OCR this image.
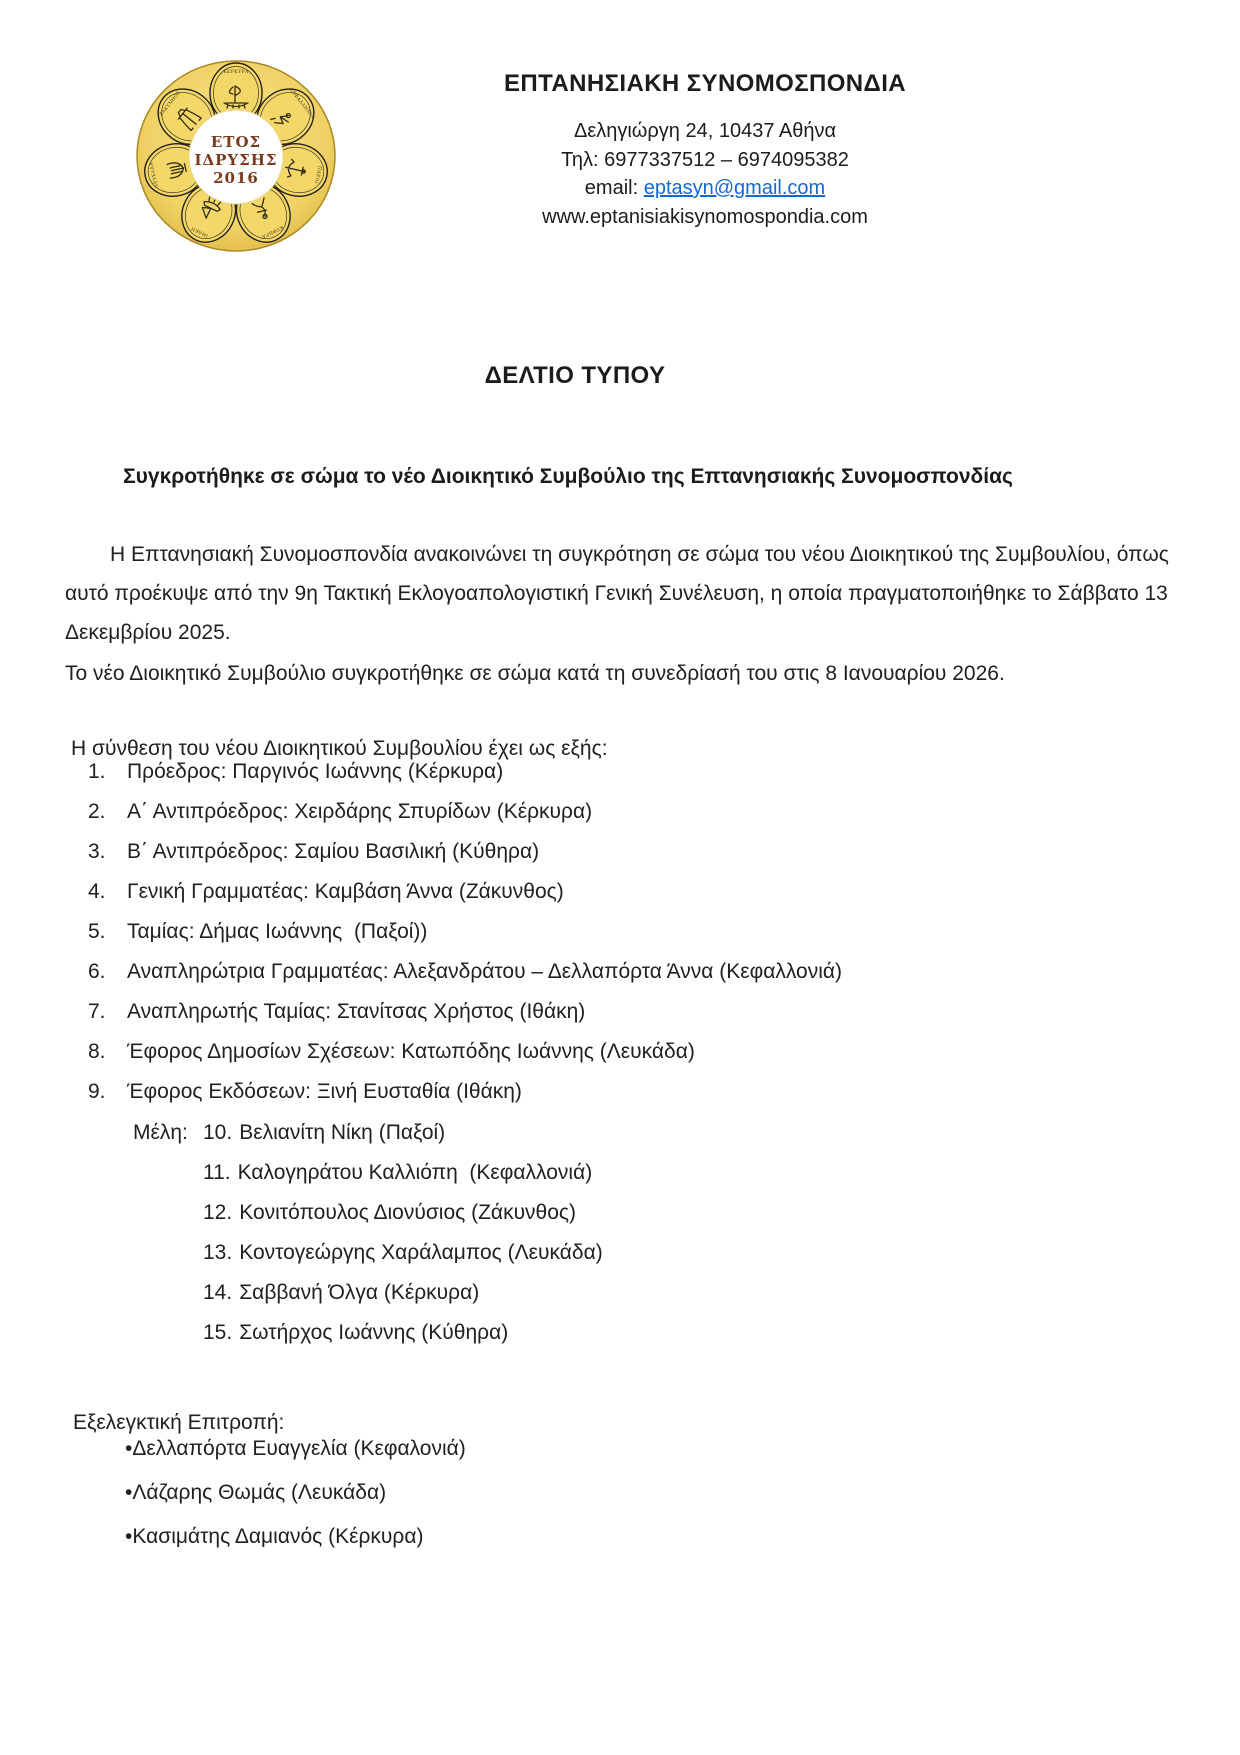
ΚΕΡΚΥΡΑ
ΚΕΦΑΛΛΗΝΙΑ
ΠΑΞΟΙ
ΚΥΘΗΡΑ
ΙΘΑΚΗ
ΛΕΥΚΑΔΑ
ΖΑΚΥΝΘΟΣ
ΕΤΟΣ
ΙΔΡΥΣΗΣ
2016
ΕΠΤΑΝΗΣΙΑΚΗ ΣΥΝΟΜΟΣΠΟΝΔΙΑ
Δεληγιώργη 24, 10437 Αθήνα
Τηλ: 6977337512 – 6974095382
email: eptasyn@gmail.com
www.eptanisiakisynomospondia.com
ΔΕΛΤΙΟ ΤΥΠΟΥ
Συγκροτήθηκε σε σώμα το νέο Διοικητικό Συμβούλιο της Επτανησιακής Συνομοσπονδίας

Η Επτανησιακή Συνομοσπονδία ανακοινώνει τη συγκρότηση σε σώμα του νέου Διοικητικού της Συμβουλίου, όπως αυτό προέκυψε από την 9η Τακτική Εκλογοαπολογιστική Γενική Συνέλευση, η οποία πραγματοποιήθηκε το Σάββατο 13 Δεκεμβρίου 2025.

Το νέο Διοικητικό Συμβούλιο συγκροτήθηκε σε σώμα κατά τη συνεδρίασή του στις 8 Ιανουαρίου 2026.

Η σύνθεση του νέου Διοικητικού Συμβουλίου έχει ως εξής:

1. Πρόεδρος: Παργινός Ιωάννης (Κέρκυρα)
2. Α΄ Αντιπρόεδρος: Χειρδάρης Σπυρίδων (Κέρκυρα)
3. Β΄ Αντιπρόεδρος: Σαμίου Βασιλική (Κύθηρα)
4. Γενική Γραμματέας: Καμβάση Άννα (Ζάκυνθος)
5. Ταμίας: Δήμας Ιωάννης  (Παξοί))
6. Αναπληρώτρια Γραμματέας: Αλεξανδράτου – Δελλαπόρτα Άννα (Κεφαλλονιά)
7. Αναπληρωτής Ταμίας: Στανίτσας Χρήστος (Ιθάκη)
8. Έφορος Δημοσίων Σχέσεων: Κατωπόδης Ιωάννης (Λευκάδα)
9. Έφορος Εκδόσεων: Ξινή Ευσταθία (Ιθάκη)
Μέλη: 10. Βελιανίτη Νίκη (Παξοί)
11. Καλογηράτου Καλλιόπη  (Κεφαλλονιά)
12. Κονιτόπουλος Διονύσιος (Ζάκυνθος)
13. Κοντογεώργης Χαράλαμπος (Λευκάδα)
14. Σαββανή Όλγα (Κέρκυρα)
15. Σωτήρχος Ιωάννης (Κύθηρα)

Εξελεγκτική Επιτροπή:

•Δελλαπόρτα Ευαγγελία (Κεφαλονιά)
•Λάζαρης Θωμάς (Λευκάδα)
•Κασιμάτης Δαμιανός (Κέρκυρα)
